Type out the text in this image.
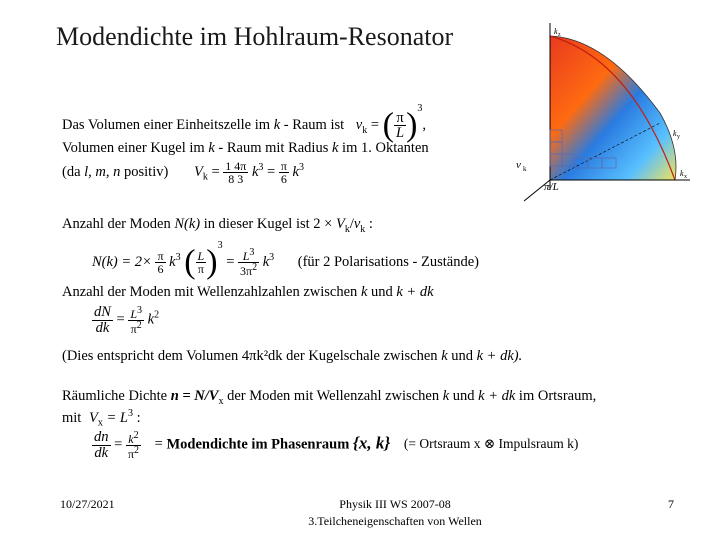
Modendichte im Hohlraum-Resonator	k z
k y
k x
v k
π/L
Das Volumen einer Einheitszelle im k - Raum ist $v_k$ = ( $\frac{\pi}{L} )^3$,
Volumen einer Kugel im k - Raum mit Radius k im 1. Oktanten
(da l, m, n positiv) $V_k = \frac{1 4\pi}{8 3} k^3 = \frac{\pi}{6} k^3$
Anzahl der Moden N(k) in dieser Kugel ist $2 \times V_k/v_k$ :
$N(k) = 2\times \frac{\pi}{6} k^3$ ( $\frac{L}{\pi} )^3 = \frac{L^3}{3\pi^2} k^3$ (für 2 Polarisations - Zustände)
Anzahl der Moden mit Wellenzahlzahlen zwischen k und k + dk
$\frac{dN}{dk} = \frac{L^3}{\pi^2} k^2$
(Dies entspricht dem Volumen 4πk²dk der Kugelschale zwischen k und k + dk).
Räumliche Dichte $n = N/V_x$ der Moden mit Wellenzahl zwischen k und k + dk im Ortsraum,
mit $V_x = L^3$ :
$\frac{dn}{dk} = \frac{k^2}{\pi^2}$ = Modendichte im Phasenraum {x, k} (= Ortsraum x ⊗ Impulsraum k)
10/27/2021	Physik III WS 2007-08
3.Teilcheneigenschaften von Wellen
7
